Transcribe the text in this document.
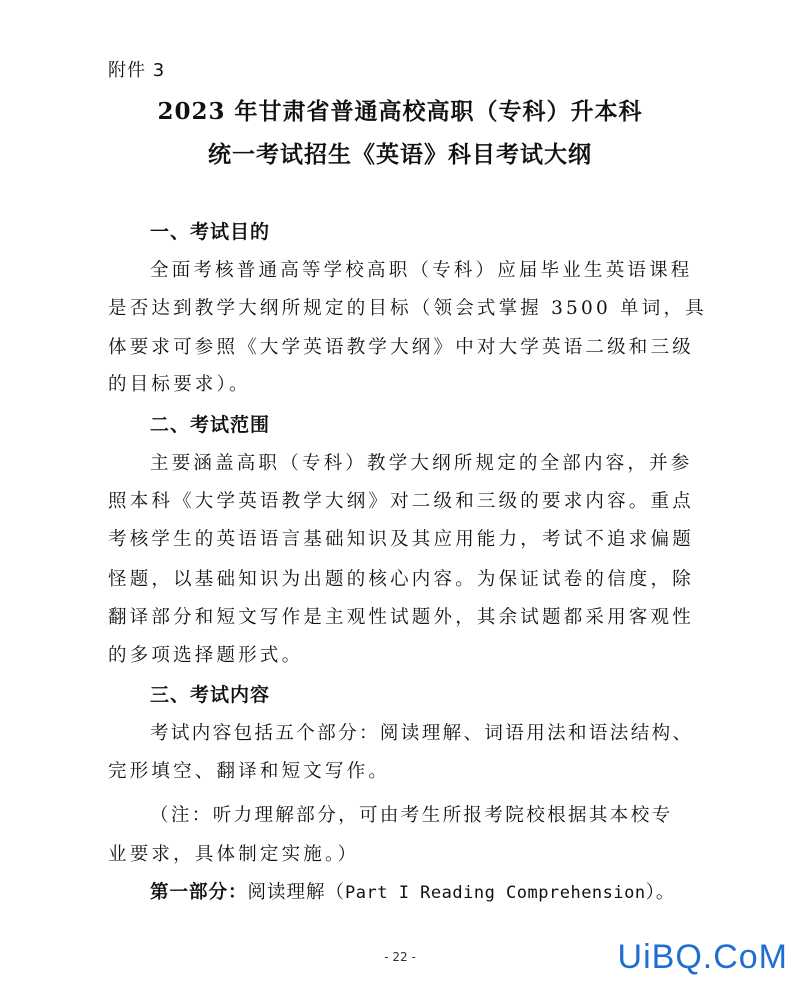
附件 3
2023 年甘肃省普通高校高职（专科）升本科
统一考试招生《英语》科目考试大纲
一、考试目的
全面考核普通高等学校高职（专科）应届毕业生英语课程
是否达到教学大纲所规定的目标（领会式掌握 3500 单词，具
体要求可参照《大学英语教学大纲》中对大学英语二级和三级
的目标要求）。
二、考试范围
主要涵盖高职（专科）教学大纲所规定的全部内容，并参
照本科《大学英语教学大纲》对二级和三级的要求内容。重点
考核学生的英语语言基础知识及其应用能力，考试不追求偏题
怪题，以基础知识为出题的核心内容。为保证试卷的信度，除
翻译部分和短文写作是主观性试题外，其余试题都采用客观性
的多项选择题形式。
三、考试内容
考试内容包括五个部分：阅读理解、词语用法和语法结构、
完形填空、翻译和短文写作。
（注：听力理解部分，可由考生所报考院校根据其本校专
业要求，具体制定实施。）
第一部分：阅读理解（Part I Reading Comprehension）。
- 22 -	UiBQ.CoM
